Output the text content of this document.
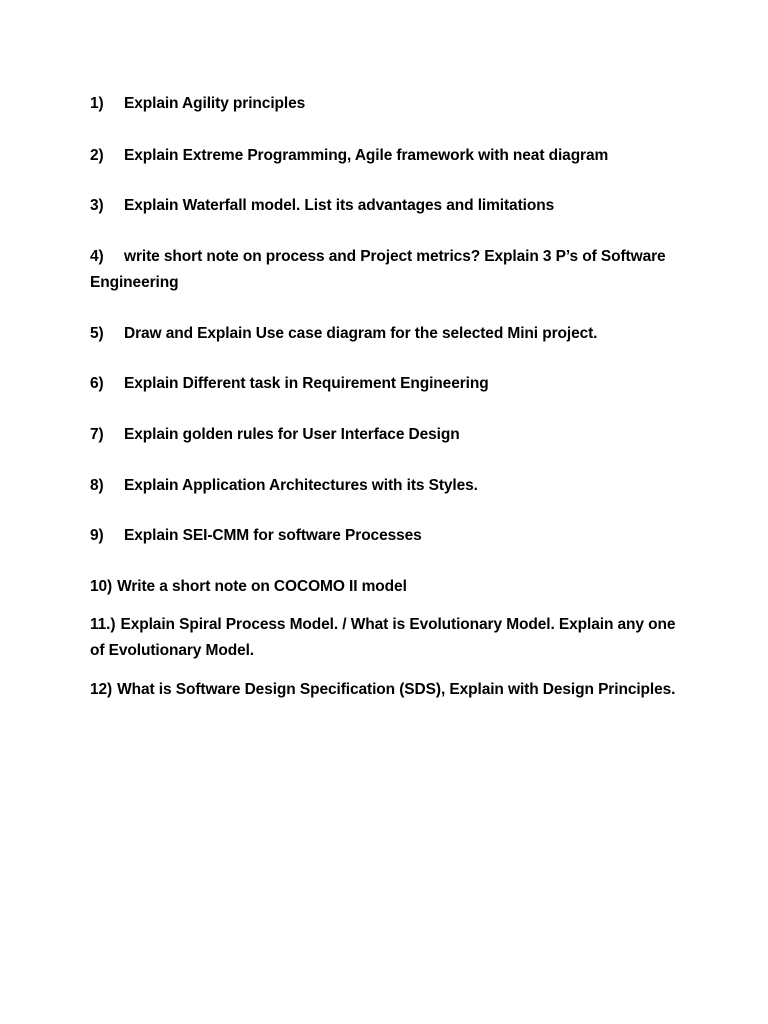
1) Explain Agility principles
2) Explain Extreme Programming, Agile framework with neat diagram
3) Explain Waterfall model. List its advantages and limitations
4) write short note on process and Project metrics? Explain 3 P’s of Software
Engineering
5) Draw and Explain Use case diagram for the selected Mini project.
6) Explain Different task in Requirement Engineering
7) Explain golden rules for User Interface Design
8) Explain Application Architectures with its Styles.
9) Explain SEI-CMM for software Processes
10) Write a short note on COCOMO II model
11.) Explain Spiral Process Model. / What is Evolutionary Model. Explain any one
of Evolutionary Model.
12) What is Software Design Specification (SDS), Explain with Design Principles.
